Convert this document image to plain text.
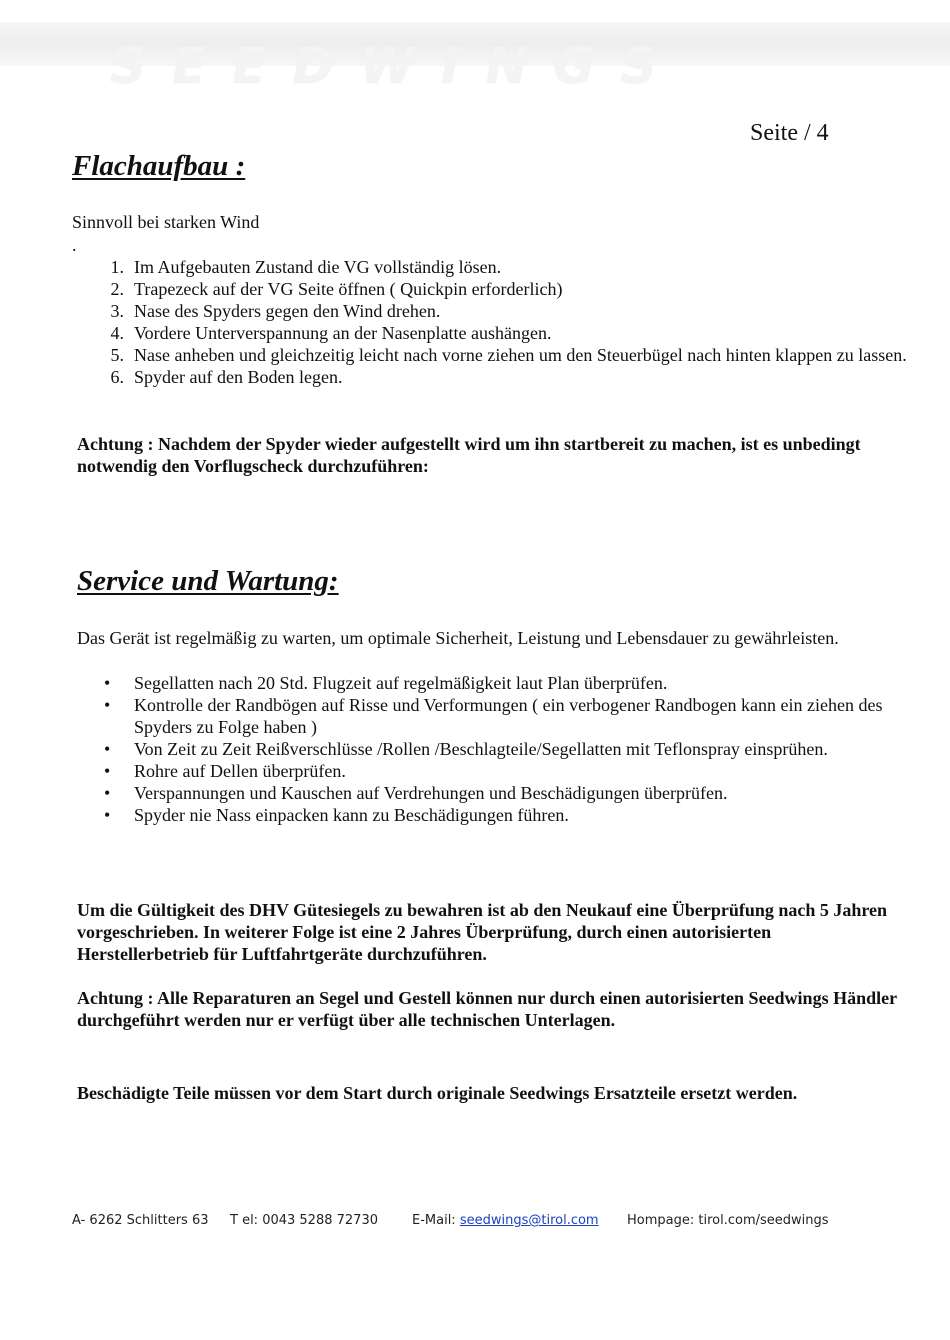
SEEDWINGS
Seite / 4
Flachaufbau :

Sinnvoll bei starken Wind

.

1. Im Aufgebauten Zustand die VG vollständig lösen.
2. Trapezeck auf der VG Seite öffnen ( Quickpin erforderlich)
3. Nase des Spyders gegen den Wind drehen.
4. Vordere Unterverspannung an der Nasenplatte aushängen.
5. Nase anheben und gleichzeitig leicht nach vorne ziehen um den Steuerbügel nach hinten klappen zu lassen.
6. Spyder auf den Boden legen.

Achtung : Nachdem der Spyder wieder aufgestellt wird um ihn startbereit zu machen, ist es unbedingt notwendig den Vorflugscheck durchzuführen:

Service und Wartung:

Das Gerät ist regelmäßig zu warten, um optimale Sicherheit, Leistung und Lebensdauer zu gewährleisten.

• Segellatten nach 20 Std. Flugzeit auf regelmäßigkeit laut Plan überprüfen.
• Kontrolle der Randbögen auf Risse und Verformungen ( ein verbogener Randbogen kann ein ziehen des Spyders zu Folge haben )
• Von Zeit zu Zeit Reißverschlüsse /Rollen /Beschlagteile/Segellatten mit Teflonspray einsprühen.
• Rohre auf Dellen überprüfen.
• Verspannungen und Kauschen auf Verdrehungen und Beschädigungen überprüfen.
• Spyder nie Nass einpacken kann zu Beschädigungen führen.

Um die Gültigkeit des DHV Gütesiegels zu bewahren ist ab den Neukauf eine Überprüfung nach 5 Jahren vorgeschrieben. In weiterer Folge ist eine 2 Jahres Überprüfung, durch einen autorisierten Herstellerbetrieb für Luftfahrtgeräte durchzuführen.

Achtung : Alle Reparaturen an Segel und Gestell können nur durch einen autorisierten Seedwings Händler durchgeführt werden nur er verfügt über alle technischen Unterlagen.

Beschädigte Teile müssen vor dem Start durch originale Seedwings Ersatzteile ersetzt werden.

A- 6262 Schlitters 63 T el: 0043 5288 72730	E-Mail: seedwings@tirol.com Hompage: tirol.com/seedwings
